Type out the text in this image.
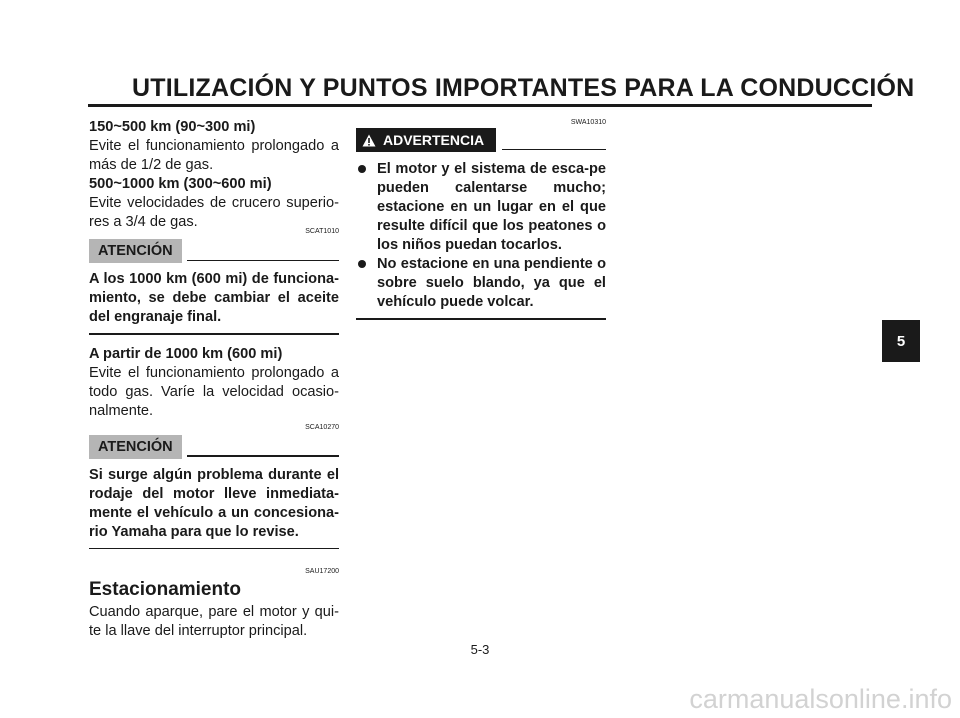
UTILIZACIÓN Y PUNTOS IMPORTANTES PARA LA CONDUCCIÓN

150~500 km (90~300 mi)

Evite el funcionamiento prolongado a más de 1/2 de gas.

500~1000 km (300~600 mi)

Evite velocidades de crucero superio-res a 3/4 de gas.

SCAT1010
ATENCIÓN

A los 1000 km (600 mi) de funciona-miento, se debe cambiar el aceite del engranaje final.

A partir de 1000 km (600 mi)

Evite el funcionamiento prolongado a todo gas. Varíe la velocidad ocasio-nalmente.

SCA10270
ATENCIÓN

Si surge algún problema durante el rodaje del motor lleve inmediata-mente el vehículo a un concesiona-rio Yamaha para que lo revise.

SAU17200
Estacionamiento

Cuando aparque, pare el motor y qui-te la llave del interruptor principal.

SWA10310
ADVERTENCIA
El motor y el sistema de esca-pe pueden calentarse mucho; estacione en un lugar en el que resulte difícil que los peatones o los niños puedan tocarlos.
No estacione en una pendiente o sobre suelo blando, ya que el vehículo puede volcar.
5-3
5
carmanualsonline.info
